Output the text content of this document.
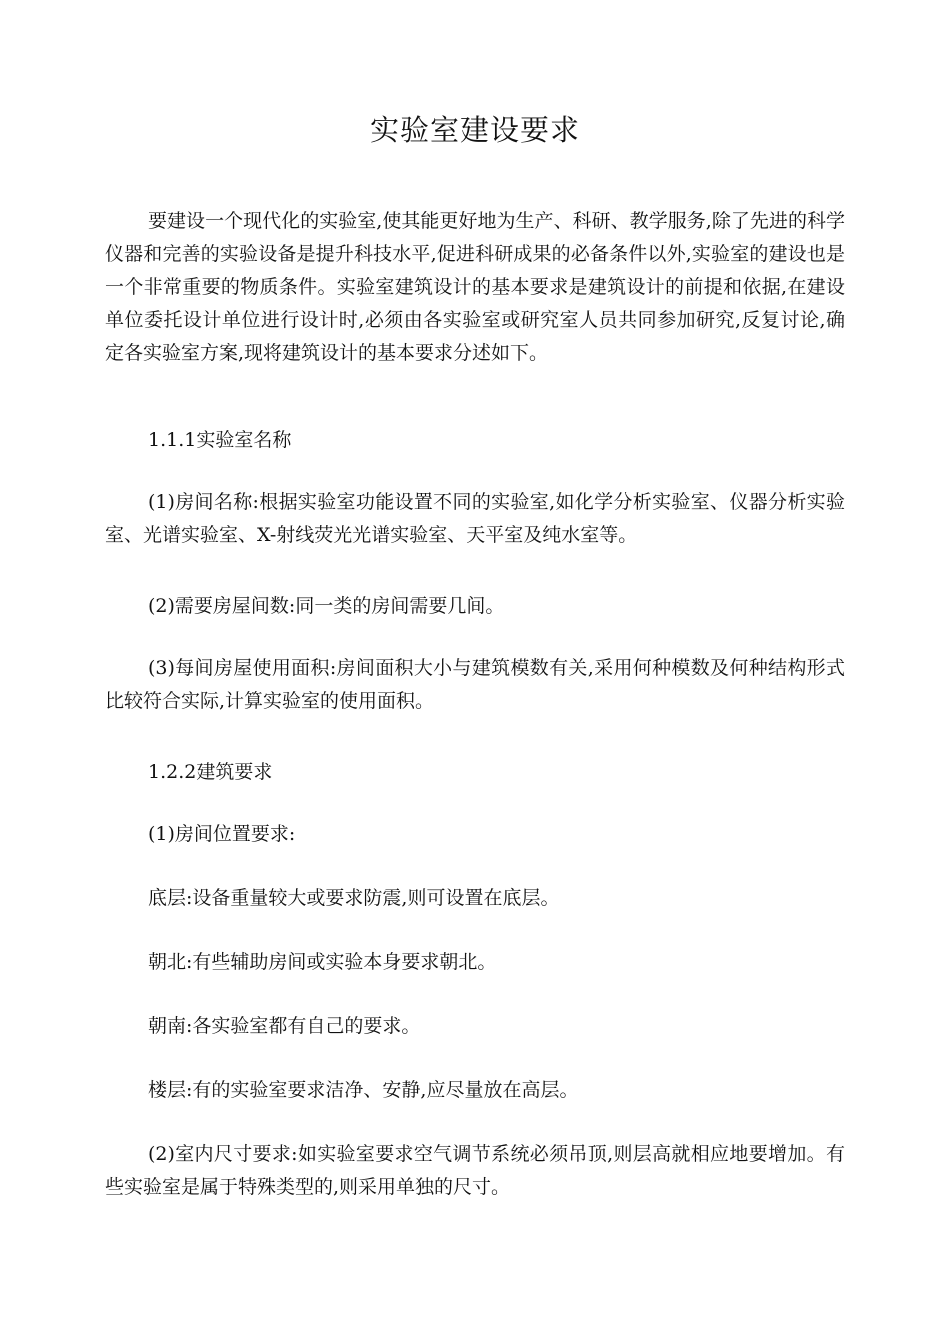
实验室建设要求

要建设一个现代化的实验室,使其能更好地为生产、科研、教学服务,除了先进的科学仪器和完善的实验设备是提升科技水平,促进科研成果的必备条件以外,实验室的建设也是一个非常重要的物质条件。实验室建筑设计的基本要求是建筑设计的前提和依据,在建设单位委托设计单位进行设计时,必须由各实验室或研究室人员共同参加研究,反复讨论,确定各实验室方案,现将建筑设计的基本要求分述如下。

1.1.1实验室名称

(1)房间名称:根据实验室功能设置不同的实验室,如化学分析实验室、仪器分析实验室、光谱实验室、X-射线荧光光谱实验室、天平室及纯水室等。

(2)需要房屋间数:同一类的房间需要几间。

(3)每间房屋使用面积:房间面积大小与建筑模数有关,采用何种模数及何种结构形式比较符合实际,计算实验室的使用面积。

1.2.2建筑要求

(1)房间位置要求:

底层:设备重量较大或要求防震,则可设置在底层。

朝北:有些辅助房间或实验本身要求朝北。

朝南:各实验室都有自己的要求。

楼层:有的实验室要求洁净、安静,应尽量放在高层。

(2)室内尺寸要求:如实验室要求空气调节系统必须吊顶,则层高就相应地要增加。有些实验室是属于特殊类型的,则采用单独的尺寸。
